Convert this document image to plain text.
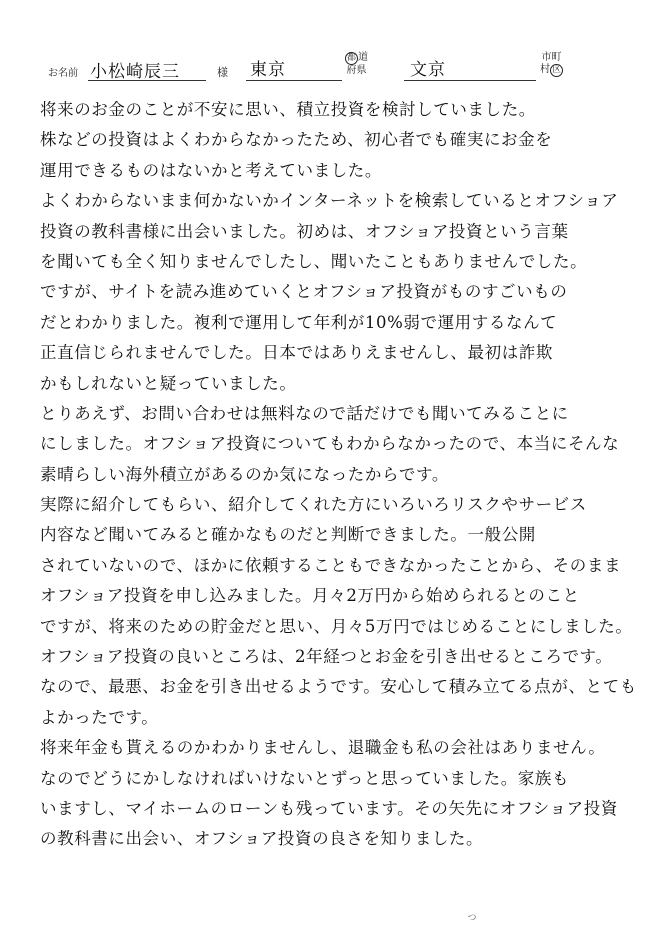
お名前 小松崎辰三	様 東京
都 道
府県	文京
市町
村 区
将来のお金のことが不安に思い、積立投資を検討していました。
株などの投資はよくわからなかったため、初心者でも確実にお金を
運用できるものはないかと考えていました。
よくわからないまま何かないかインターネットを検索しているとオフショア
投資の教科書様に出会いました。初めは、オフショア投資という言葉
を聞いても全く知りませんでしたし、聞いたこともありませんでした。
ですが、サイトを読み進めていくとオフショア投資がものすごいもの
だとわかりました。複利で運用して年利が10%弱で運用するなんて
正直信じられませんでした。日本ではありえませんし、最初は詐欺
かもしれないと疑っていました。
とりあえず、お問い合わせは無料なので話だけでも聞いてみることに
にしました。オフショア投資についてもわからなかったので、本当にそんな
素晴らしい海外積立があるのか気になったからです。
実際に紹介してもらい、紹介してくれた方にいろいろリスクやサービス
内容など聞いてみると確かなものだと判断できました。一般公開
されていないので、ほかに依頼することもできなかったことから、そのまま
オフショア投資を申し込みました。月々2万円から始められるとのこと
ですが、将来のための貯金だと思い、月々5万円ではじめることにしました。
オフショア投資の良いところは、2年経つとお金を引き出せるところです。
なので、最悪、お金を引き出せるようです。安心して積み立てる点が、とても
よかったです。
将来年金も貰えるのかわかりませんし、退職金も私の会社はありません。
なのでどうにかしなければいけないとずっと思っていました。家族も
いますし、マイホームのローンも残っています。その矢先にオフショア投資
の教科書に出会い、オフショア投資の良さを知りました。
っ
